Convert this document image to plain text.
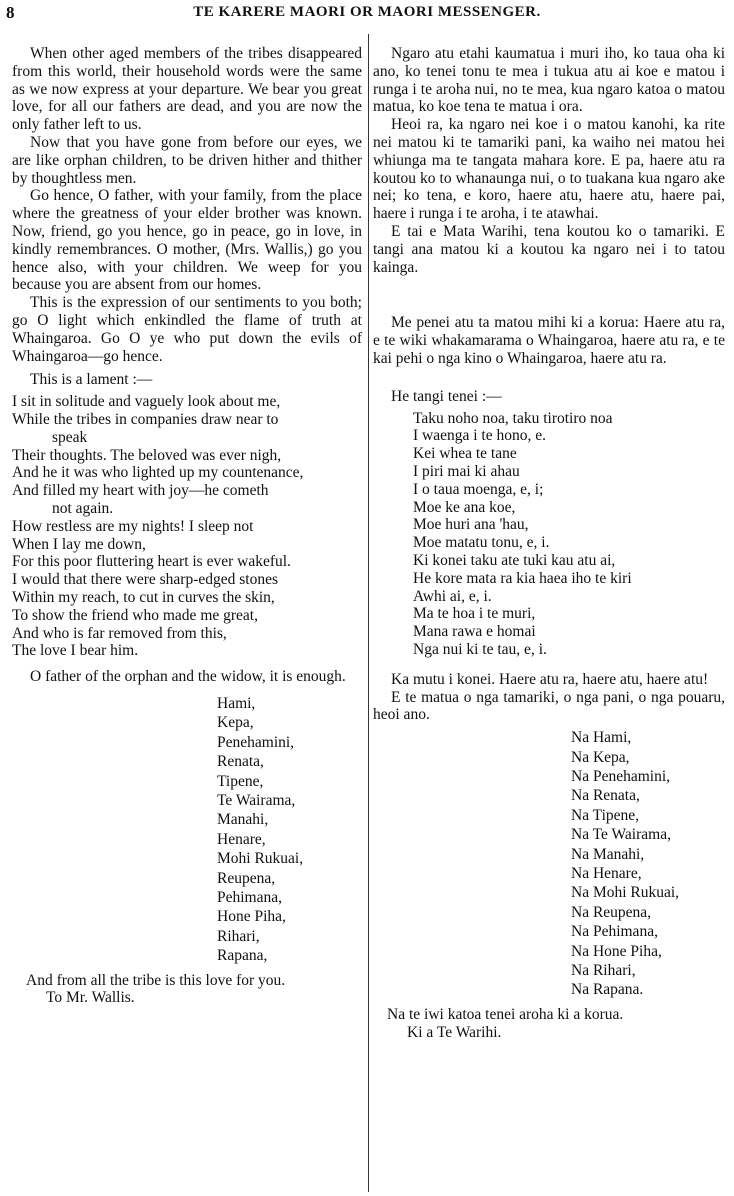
8	TE KARERE MAORI OR MAORI MESSENGER.

When other aged members of the tribes disappeared from this world, their household words were the same as we now express at your departure. We bear you great love, for all our fathers are dead, and you are now the only father left to us.

Now that you have gone from before our eyes, we are like orphan children, to be driven hither and thither by thoughtless men.

Go hence, O father, with your family, from the place where the greatness of your elder brother was known. Now, friend, go you hence, go in peace, go in love, in kindly remembrances. O mother, (Mrs. Wallis,) go you hence also, with your children. We weep for you because you are absent from our homes.

This is the expression of our sentiments to you both; go O light which enkindled the flame of truth at Whaingaroa. Go O ye who put down the evils of Whaingaroa—go hence.

This is a lament :—

I sit in solitude and vaguely look about me,
While the tribes in companies draw near to
speak
Their thoughts. The beloved was ever nigh,
And he it was who lighted up my countenance,
And filled my heart with joy—he cometh
not again.
How restless are my nights! I sleep not
When I lay me down,
For this poor fluttering heart is ever wakeful.
I would that there were sharp-edged stones
Within my reach, to cut in curves the skin,
To show the friend who made me great,
And who is far removed from this,
The love I bear him.

O father of the orphan and the widow, it is enough.

Hami,
Kepa,
Penehamini,
Renata,
Tipene,
Te Wairama,
Manahi,
Henare,
Mohi Rukuai,
Reupena,
Pehimana,
Hone Piha,
Rihari,
Rapana,
And from all the tribe is this love for you.
To Mr. Wallis.

Ngaro atu etahi kaumatua i muri iho, ko taua oha ki ano, ko tenei tonu te mea i tukua atu ai koe e matou i runga i te aroha nui, no te mea, kua ngaro katoa o matou matua, ko koe tena te matua i ora.

Heoi ra, ka ngaro nei koe i o matou kanohi, ka rite nei matou ki te tamariki pani, ka waiho nei matou hei whiunga ma te tangata mahara kore. E pa, haere atu ra koutou ko to whanaunga nui, o to tuakana kua ngaro ake nei; ko tena, e koro, haere atu, haere atu, haere pai, haere i runga i te aroha, i te atawhai.

E tai e Mata Warihi, tena koutou ko o tamariki. E tangi ana matou ki a koutou ka ngaro nei i to tatou kainga.

Me penei atu ta matou mihi ki a korua: Haere atu ra, e te wiki whakamarama o Whaingaroa, haere atu ra, e te kai pehi o nga kino o Whaingaroa, haere atu ra.

He tangi tenei :—

Taku noho noa, taku tirotiro noa
I waenga i te hono, e.
Kei whea te tane
I piri mai ki ahau
I o taua moenga, e, i;
Moe ke ana koe,
Moe huri ana 'hau,
Moe matatu tonu, e, i.
Ki konei taku ate tuki kau atu ai,
He kore mata ra kia haea iho te kiri
Awhi ai, e, i.
Ma te hoa i te muri,
Mana rawa e homai
Nga nui ki te tau, e, i.

Ka mutu i konei. Haere atu ra, haere atu, haere atu!

E te matua o nga tamariki, o nga pani, o nga pouaru, heoi ano.

Na Hami,
Na Kepa,
Na Penehamini,
Na Renata,
Na Tipene,
Na Te Wairama,
Na Manahi,
Na Henare,
Na Mohi Rukuai,
Na Reupena,
Na Pehimana,
Na Hone Piha,
Na Rihari,
Na Rapana.
Na te iwi katoa tenei aroha ki a korua.
Ki a Te Warihi.
